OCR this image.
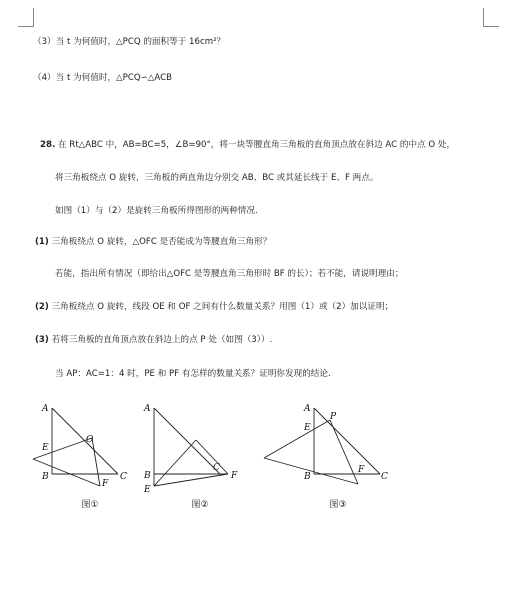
（3）当 t 为何值时，△PCQ 的面积等于 16cm²？
（4）当 t 为何值时，△PCQ∽△ACB
28. 在 Rt△ABC 中，AB=BC=5，∠B=90°，将一块等腰直角三角板的直角顶点放在斜边 AC 的中点 O 处，
将三角板绕点 O 旋转，三角板的两直角边分别交 AB、BC 或其延长线于 E、F 两点。
如图（1）与（2）是旋转三角板所得图形的两种情况.
(1) 三角板绕点 O 旋转，△OFC 是否能成为等腰直角三角形？
若能，指出所有情况（即给出△OFC 是等腰直角三角形时 BF 的长）；若不能，请说明理由；
(2) 三角板绕点 O 旋转，线段 OE 和 OF 之间有什么数量关系？用图（1）或（2）加以证明；
(3) 若将三角板的直角顶点放在斜边上的点 P 处（如图（3））.
当 AP：AC=1：4 时，PE 和 PF 有怎样的数量关系？证明你发现的结论.
A
E
O
B
F
C
图①
A
B
C
F
E
图②
A
P
E
B
F
C
图③
